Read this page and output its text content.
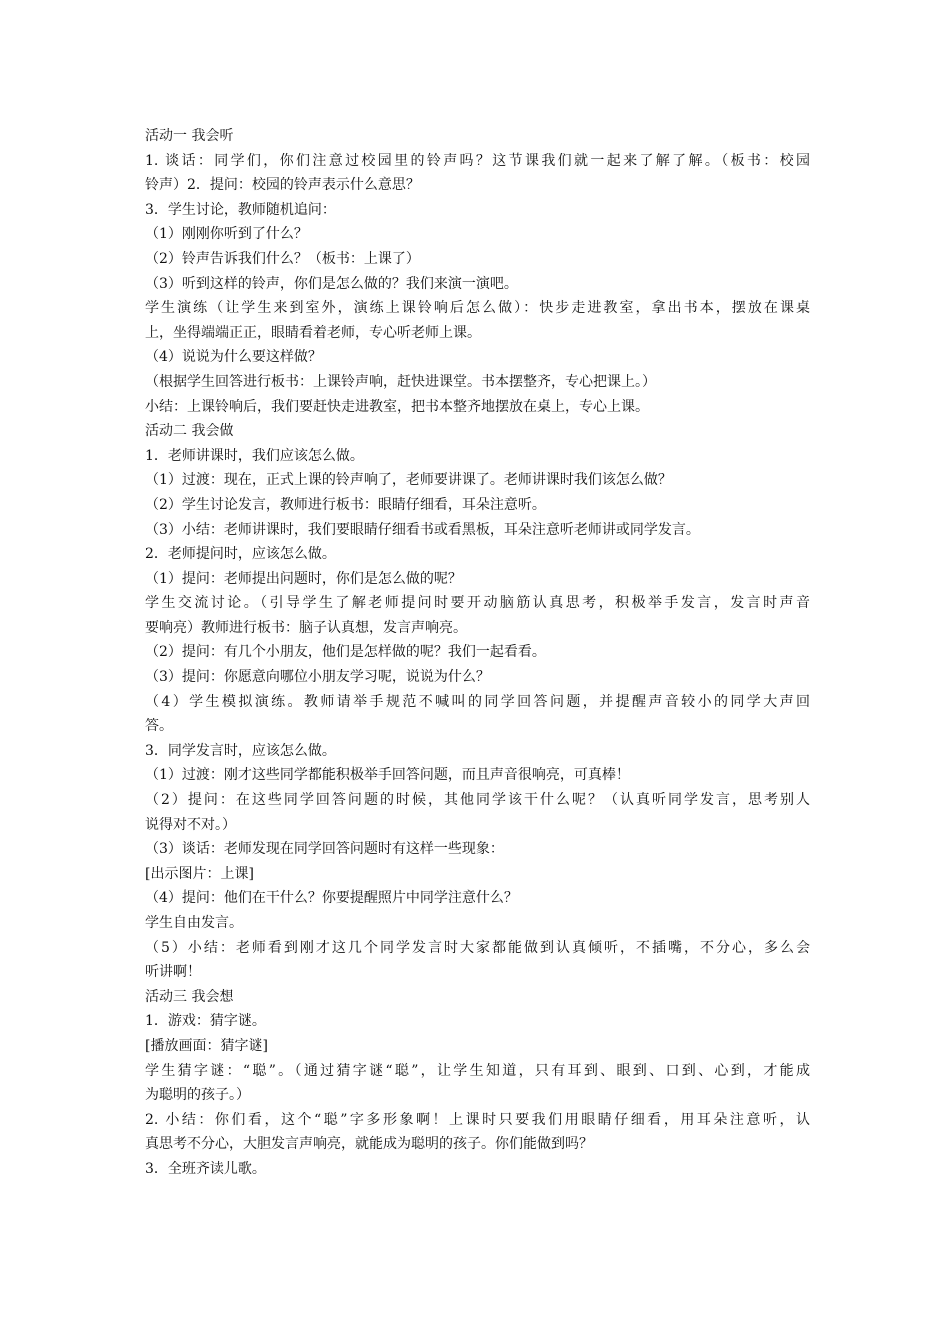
活动一 我会听
1. 谈话：同学们，你们注意过校园里的铃声吗？这节课我们就一起来了解了解。（板书：校园
铃声）2．提问：校园的铃声表示什么意思？
3．学生讨论，教师随机追问：
（1）刚刚你听到了什么？
（2）铃声告诉我们什么？（板书：上课了）
（3）听到这样的铃声，你们是怎么做的？我们来演一演吧。
学生演练（让学生来到室外，演练上课铃响后怎么做）：快步走进教室，拿出书本，摆放在课桌
上，坐得端端正正，眼睛看着老师，专心听老师上课。
（4）说说为什么要这样做？
（根据学生回答进行板书：上课铃声响，赶快进课堂。书本摆整齐，专心把课上。）
小结：上课铃响后，我们要赶快走进教室，把书本整齐地摆放在桌上，专心上课。
活动二 我会做
1．老师讲课时，我们应该怎么做。
（1）过渡：现在，正式上课的铃声响了，老师要讲课了。老师讲课时我们该怎么做？
（2）学生讨论发言，教师进行板书：眼睛仔细看，耳朵注意听。
（3）小结：老师讲课时，我们要眼睛仔细看书或看黑板，耳朵注意听老师讲或同学发言。
2．老师提问时，应该怎么做。
（1）提问：老师提出问题时，你们是怎么做的呢？
学生交流讨论。（引导学生了解老师提问时要开动脑筋认真思考，积极举手发言，发言时声音
要响亮）教师进行板书：脑子认真想，发言声响亮。
（2）提问：有几个小朋友，他们是怎样做的呢？我们一起看看。
（3）提问：你愿意向哪位小朋友学习呢，说说为什么？
（4）学生模拟演练。教师请举手规范不喊叫的同学回答问题，并提醒声音较小的同学大声回
答。
3．同学发言时，应该怎么做。
（1）过渡：刚才这些同学都能积极举手回答问题，而且声音很响亮，可真棒！
（2）提问：在这些同学回答问题的时候，其他同学该干什么呢？（认真听同学发言，思考别人
说得对不对。）
（3）谈话：老师发现在同学回答问题时有这样一些现象：
[出示图片：上课]
（4）提问：他们在干什么？你要提醒照片中同学注意什么？
学生自由发言。
（5）小结：老师看到刚才这几个同学发言时大家都能做到认真倾听，不插嘴，不分心，多么会
听讲啊！
活动三 我会想
1．游戏：猜字谜。
[播放画面：猜字谜]
学生猜字谜：“聪”。（通过猜字谜“聪”，让学生知道，只有耳到、眼到、口到、心到，才能成
为聪明的孩子。）
2. 小结：你们看，这个“聪”字多形象啊！上课时只要我们用眼睛仔细看，用耳朵注意听，认
真思考不分心，大胆发言声响亮，就能成为聪明的孩子。你们能做到吗？
3．全班齐读儿歌。
